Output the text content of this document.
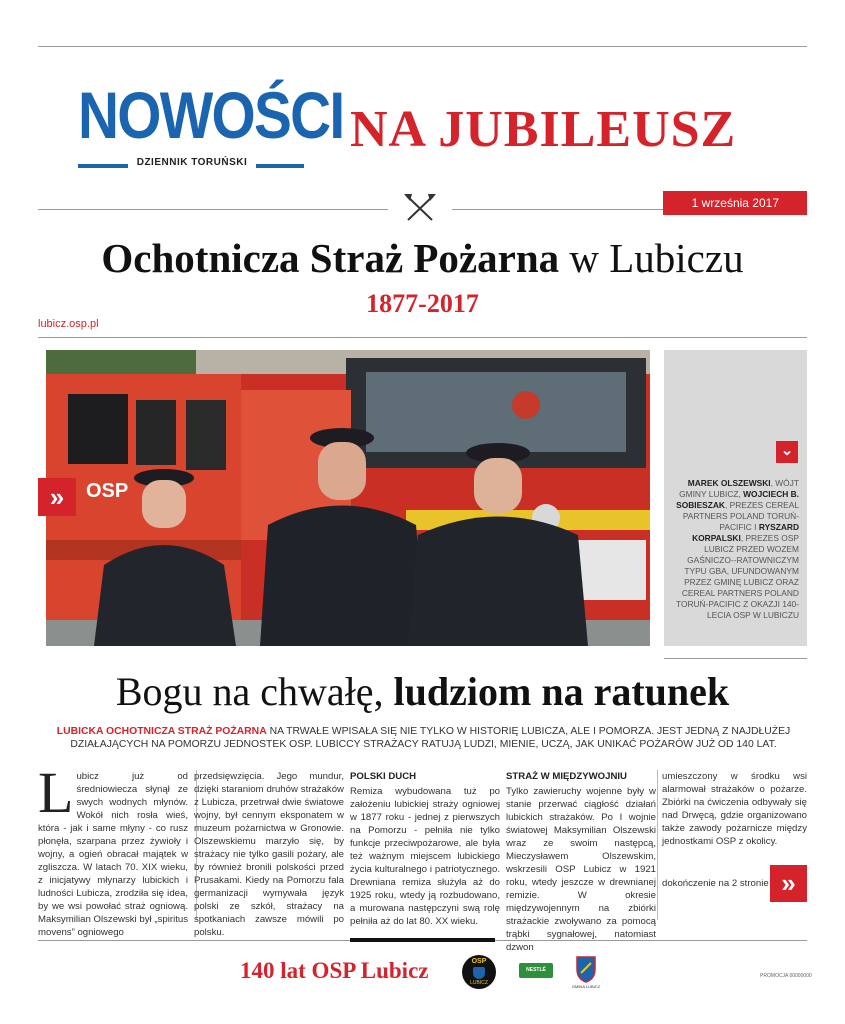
NOWOŚCI
DZIENNIK TORUŃSKI
NA JUBILEUSZ
1 września 2017
Ochotnicza Straż Pożarna w Lubiczu
1877-2017
lubicz.osp.pl
OSP
»
⌄
MAREK OLSZEWSKI, WÓJT GMINY LUBICZ, WOJCIECH B. SOBIESZAK, PREZES CEREAL PARTNERS POLAND TORUŃ-PACIFIC I RYSZARD KORPALSKI, PREZES OSP LUBICZ PRZED WOZEM GAŚNICZO--RATOWNICZYM TYPU GBA, UFUNDOWANYM PRZEZ GMINĘ LUBICZ ORAZ CEREAL PARTNERS POLAND TORUŃ-PACIFIC Z OKAZJI 140-LECIA OSP W LUBICZU
Bogu na chwałę, ludziom na ratunek
LUBICKA OCHOTNICZA STRAŻ POŻARNA NA TRWAŁE WPISAŁA SIĘ NIE TYLKO W HISTORIĘ LUBICZA, ALE I POMORZA. JEST JEDNĄ Z NAJDŁUŻEJ DZIAŁAJĄCYCH NA POMORZU JEDNOSTEK OSP. LUBICCY STRAŻACY RATUJĄ LUDZI, MIENIE, UCZĄ, JAK UNIKAĆ POŻARÓW JUŻ OD 140 LAT.
L ubicz już od średniowiecza słynął ze swych wodnych młynów. Wokół nich rosła wieś, która - jak i same młyny - co rusz płonęła, szarpana przez żywioły i wojny, a ogień obracał majątek w zgliszcza. W latach 70. XIX wieku, z inicjatywy młynarzy lubickich i ludności Lubicza, zrodziła się idea, by we wsi powołać straż ogniową. Maksymilian Olszewski był „spiritus movens” ogniowego

przedsięwzięcia. Jego mundur, dzięki staraniom druhów strażaków z Lubicza, przetrwał dwie światowe wojny, był cennym eksponatem w muzeum pożarnictwa w Gronowie. Olszewskiemu marzyło się, by strażacy nie tylko gasili pożary, ale by również bronili polskości przed Prusakami. Kiedy na Pomorzu fala germanizacji wymywała język polski ze szkół, strażacy na spotkaniach zawsze mówili po polsku.

POLSKI DUCH

Remiza wybudowana tuż po założeniu lubickiej straży ogniowej w 1877 roku - jednej z pierwszych na Pomorzu - pełniła nie tylko funkcje przeciwpożarowe, ale była też ważnym miejscem lubickiego życia kulturalnego i patriotycznego. Drewniana remiza służyła aż do 1925 roku, wtedy ją rozbudowano, a murowana następczyni swą rolę pełniła aż do lat 80. XX wieku.

STRAŻ W MIĘDZYWOJNIU

Tylko zawieruchy wojenne były w stanie przerwać ciągłość działań lubickich strażaków. Po I wojnie światowej Maksymilian Olszewski wraz ze swoim następcą, Mieczysławem Olszewskim, wskrzesili OSP Lubicz w 1921 roku, wtedy jeszcze w drewnianej remizie. W okresie międzywojennym na zbiórki strażackie zwoływano za pomocą trąbki sygnałowej, natomiast dzwon

umieszczony w środku wsi alarmował strażaków o pożarze. Zbiórki na ćwiczenia odbywały się nad Drwęcą, gdzie organizowano także zawody pożarnicze między jednostkami OSP z okolicy.

dokończenie na 2 stronie »
140 lat OSP Lubicz	OSP
LUBICZ
NESTLÉ
GMINA LUBICZ
PROMOCJA 00000000
